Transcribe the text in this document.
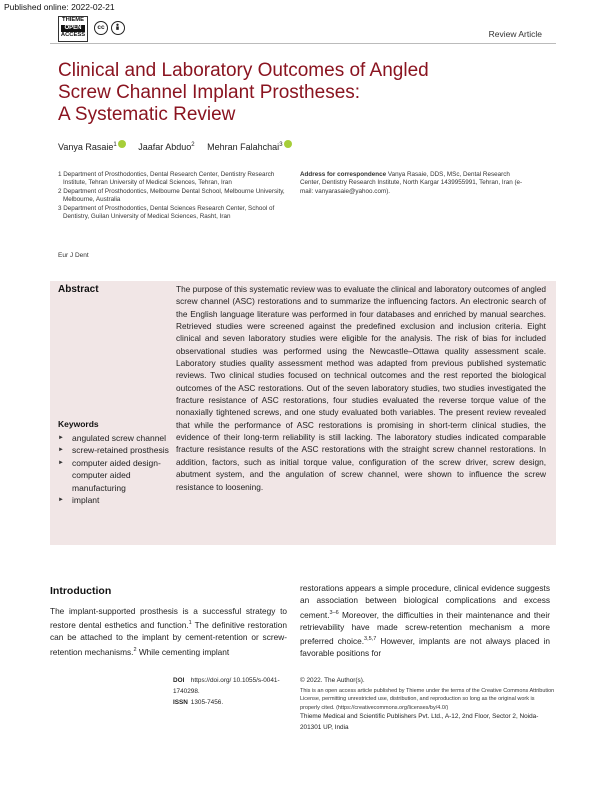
Published online: 2022-02-21
THIEME
OPEN
ACCESS
cc
Review Article
Clinical and Laboratory Outcomes of Angled
Screw Channel Implant Prostheses:
A Systematic Review
Vanya Rasaie$^1$ Jaafar Abduo$^2$ Mehran Falahchai$^3$

1 Department of Prosthodontics, Dental Research Center, Dentistry Research Institute, Tehran University of Medical Sciences, Tehran, Iran

2 Department of Prosthodontics, Melbourne Dental School, Melbourne University, Melbourne, Australia

3 Department of Prosthodontics, Dental Sciences Research Center, School of Dentistry, Guilan University of Medical Sciences, Rasht, Iran

Address for correspondence Vanya Rasaie, DDS, MSc, Dental Research Center, Dentistry Research Institute, North Kargar 1439955991, Tehran, Iran (e-mail: vanyarasaie@yahoo.com).
Eur J Dent
Abstract	The purpose of this systematic review was to evaluate the clinical and laboratory outcomes of angled screw channel (ASC) restorations and to summarize the influencing factors. An electronic search of the English language literature was performed in four databases and enriched by manual searches. Retrieved studies were screened against the predefined exclusion and inclusion criteria. Eight clinical and seven laboratory studies were eligible for the analysis. The risk of bias for included observational studies was performed using the Newcastle–Ottawa quality assessment scale. Laboratory studies quality assessment method was adapted from previous published systematic reviews. Two clinical studies focused on technical outcomes and the rest reported the biological outcomes of the ASC restorations. Out of the seven laboratory studies, two studies investigated the fracture resistance of ASC restorations, four studies evaluated the reverse torque value of the nonaxially tightened screws, and one study evaluated both variables. The present review revealed that while the performance of ASC restorations is promising in short-term clinical studies, the evidence of their long-term reliability is still lacking. The laboratory studies indicated comparable fracture resistance results of the ASC restorations with the straight screw channel restorations. In addition, factors, such as initial torque value, configuration of the screw driver, screw design, abutment system, and the angulation of screw channel, were shown to influence the screw resistance to loosening.

Keywords
► angulated screw channel
► screw-retained prosthesis
► computer aided design- computer aided manufacturing
► implant
Introduction

The implant-supported prosthesis is a successful strategy to restore dental esthetics and function.$^1$ The definitive restoration can be attached to the implant by cement-retention or screw-retention mechanisms.$^2$ While cementing implant

restorations appears a simple procedure, clinical evidence suggests an association between biological complications and excess cement.$^{3-6}$ Moreover, the difficulties in their maintenance and their retrievability have made screw-retention mechanism a more preferred choice.$^{3,5,7}$ However, implants are not always placed in favorable positions for

DOI https://doi.org/ 10.1055/s-0041-1740298.
ISSN 1305-7456.
© 2022. The Author(s).
This is an open access article published by Thieme under the terms of the Creative Commons Attribution License, permitting unrestricted use, distribution, and reproduction so long as the original work is properly cited. (https://creativecommons.org/licenses/by/4.0/)
Thieme Medical and Scientific Publishers Pvt. Ltd., A-12, 2nd Floor, Sector 2, Noida-201301 UP, India
